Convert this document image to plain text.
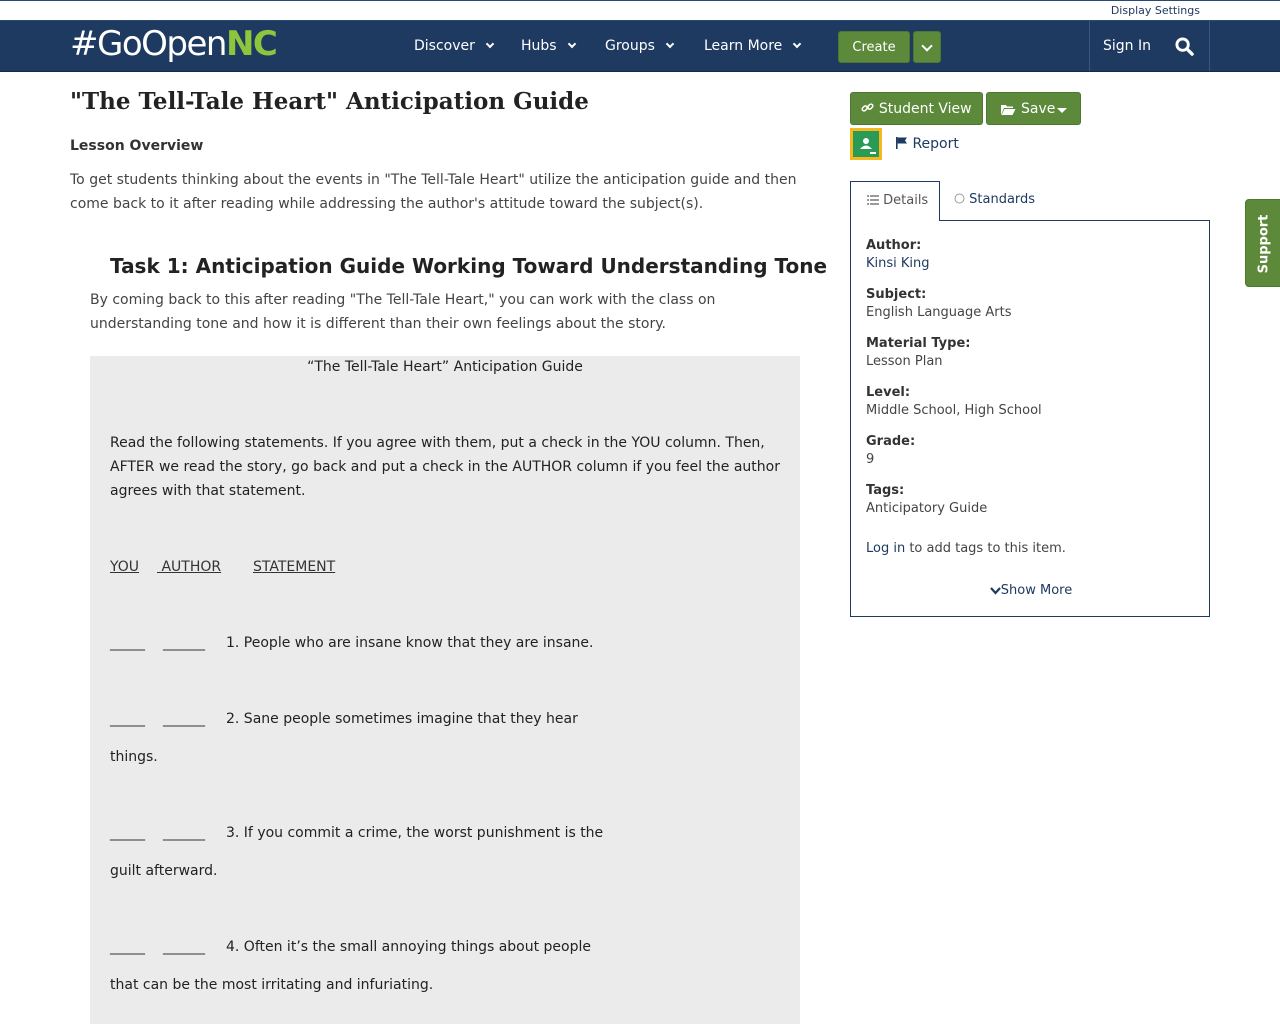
Display Settings
#GoOpenNC	Discover	Hubs	Groups	Learn More	Create	Sign In
"The Tell-Tale Heart" Anticipation Guide
Lesson Overview

To get students thinking about the events in "The Tell-Tale Heart" utilize the anticipation guide and then come back to it after reading while addressing the author's attitude toward the subject(s).

Task 1: Anticipation Guide Working Toward Understanding Tone

By coming back to this after reading "The Tell-Tale Heart," you can work with the class on understanding tone and how it is different than their own feelings about the story.

“The Tell-Tale Heart” Anticipation Guide
Read the following statements. If you agree with them, put a check in the YOU column. Then, AFTER we read the story, go back and put a check in the AUTHOR column if you feel the author agrees with that statement.
YOU AUTHOR STATEMENT
_____ ______ 1. People who are insane know that they are insane.
_____ ______ 2. Sane people sometimes imagine that they hear
things.
_____ ______ 3. If you commit a crime, the worst punishment is the
guilt afterward.
_____ ______ 4. Often it’s the small annoying things about people
that can be the most irritating and infuriating.
Student View	Save
Report
Details	Standards
Author:
Kinsi King
Subject:
English Language Arts
Material Type:
Lesson Plan
Level:
Middle School, High School
Grade:
9
Tags:
Anticipatory Guide
Log in to add tags to this item.
Show More
Support
